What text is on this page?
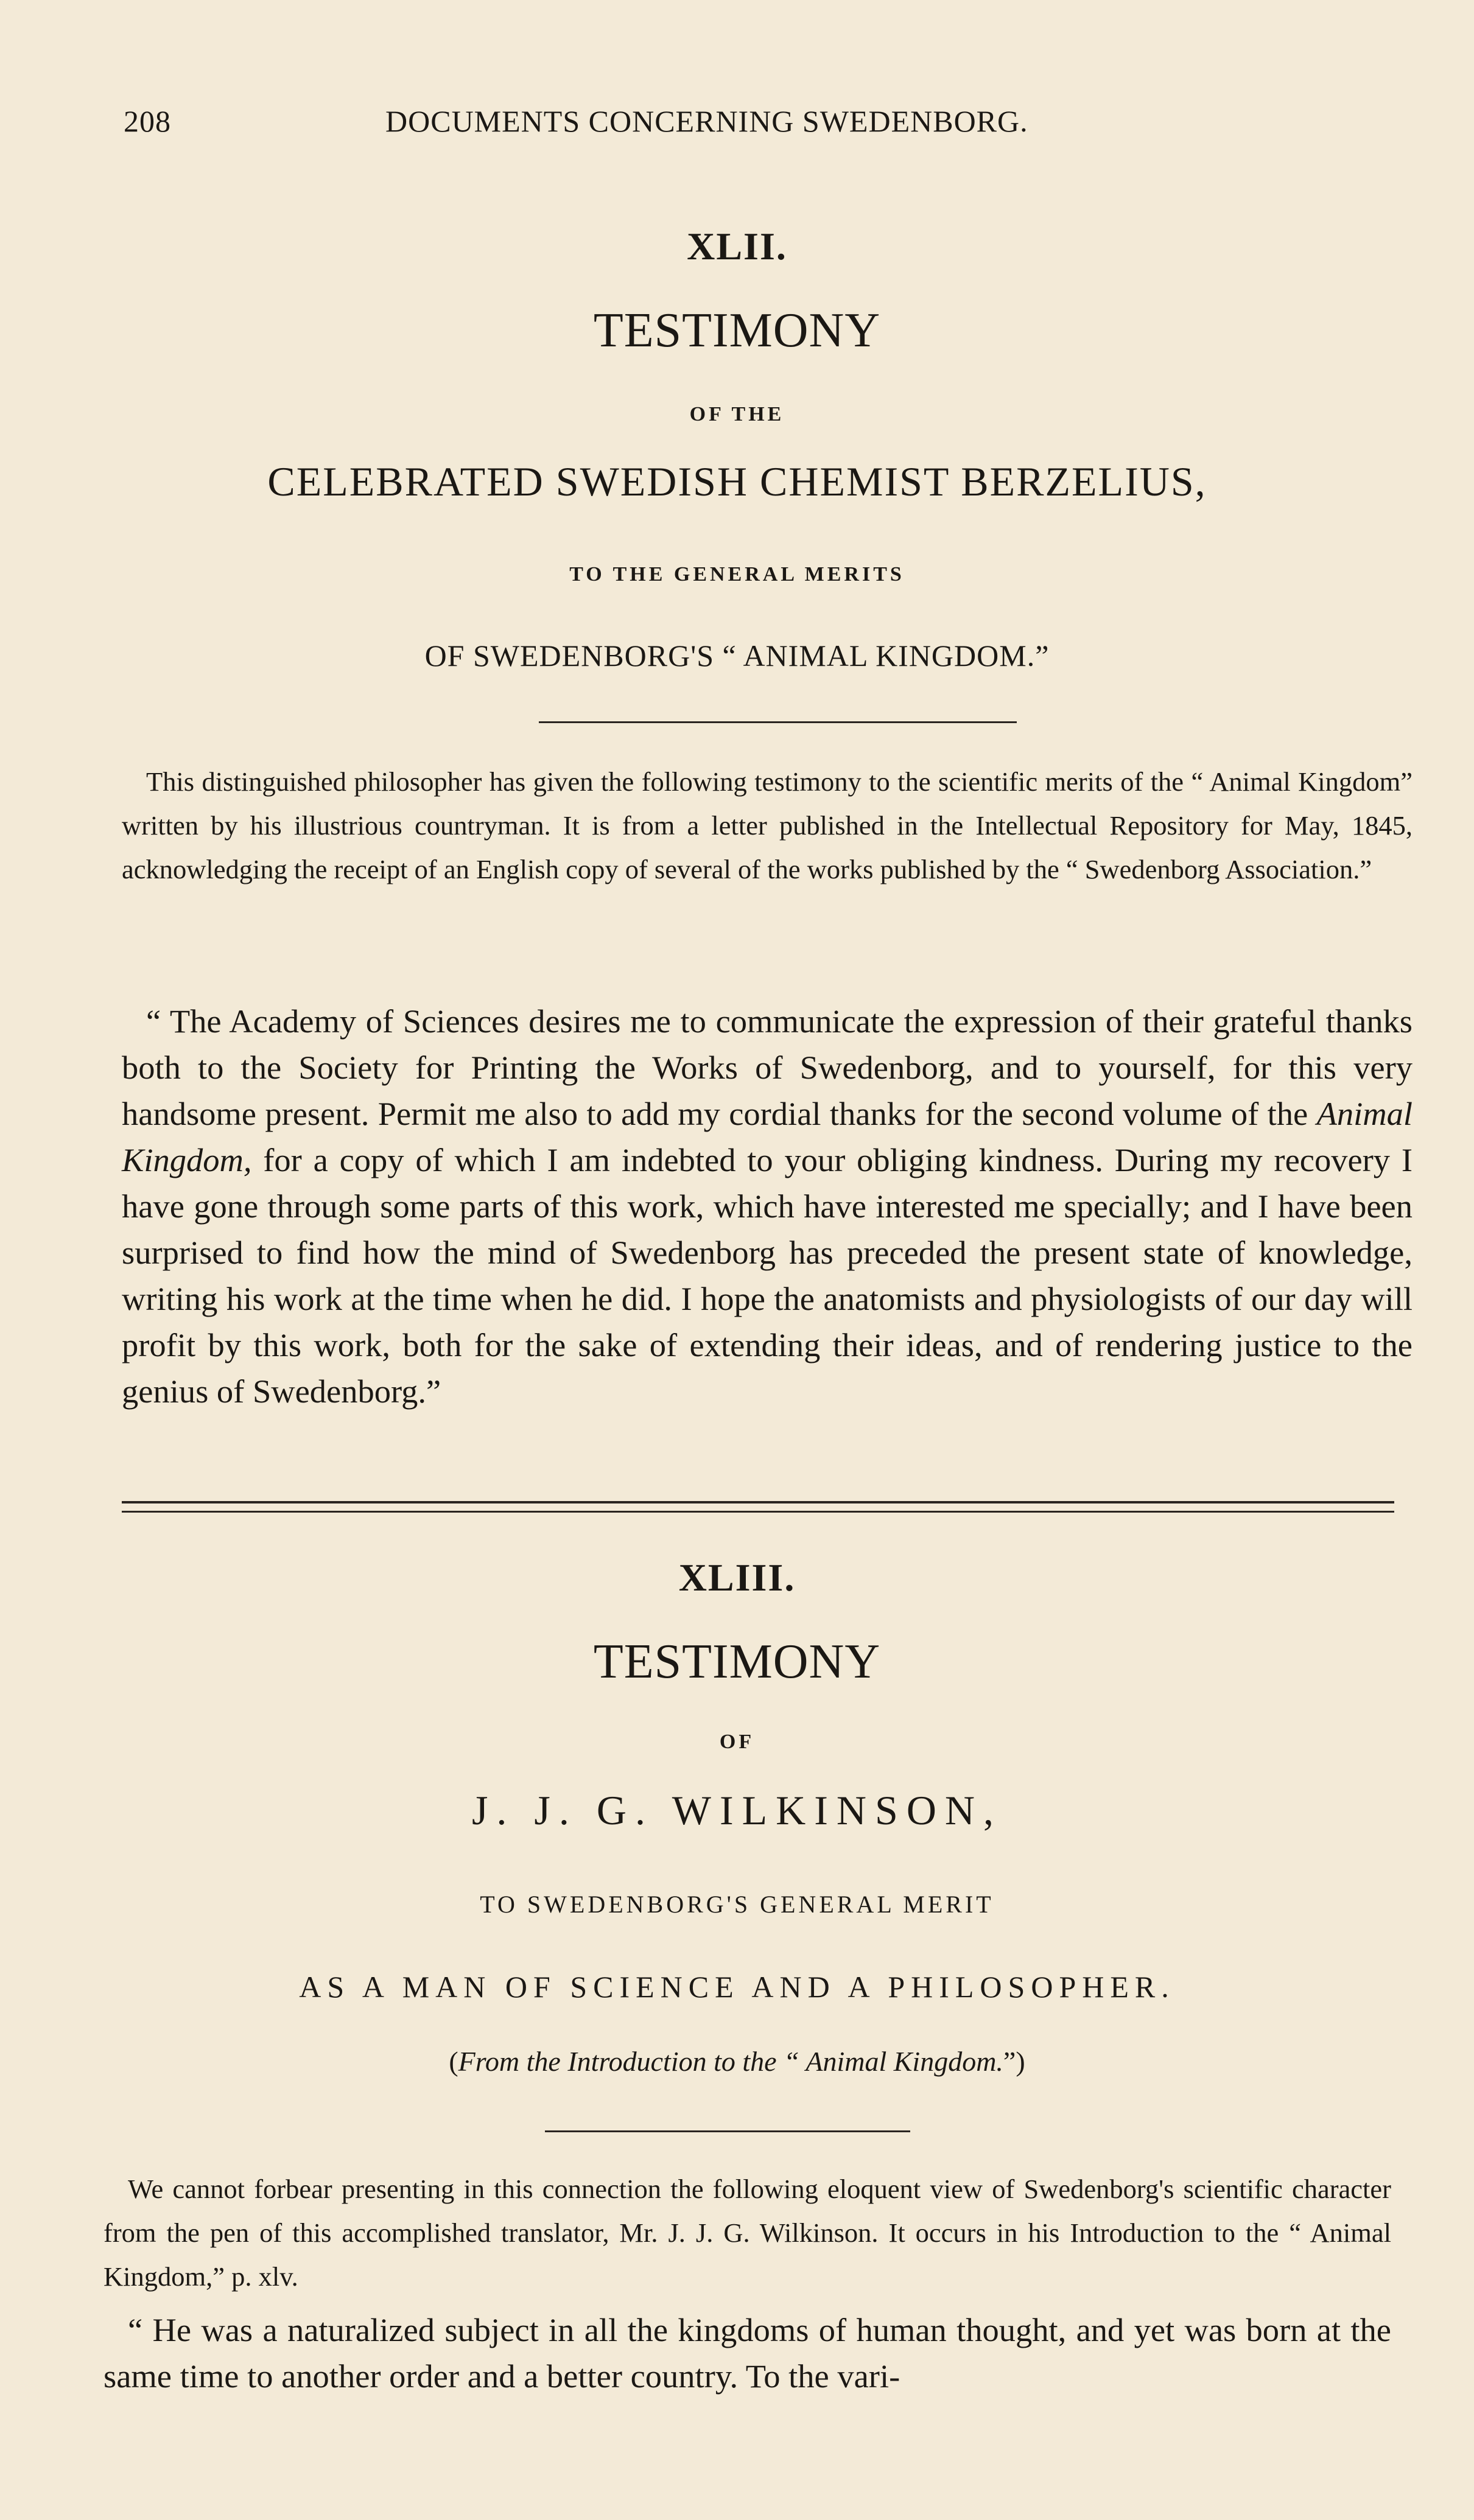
208	DOCUMENTS CONCERNING SWEDENBORG.
XLII.
TESTIMONY
OF THE
CELEBRATED SWEDISH CHEMIST BERZELIUS,
TO THE GENERAL MERITS
OF SWEDENBORG'S “ ANIMAL KINGDOM.”
This distinguished philosopher has given the following testimony to the scientific merits of the “ Animal Kingdom” written by his illustrious countryman. It is from a letter published in the Intellectual Repository for May, 1845, acknowledging the receipt of an English copy of several of the works published by the “ Swedenborg Association.”
“ The Academy of Sciences desires me to communicate the expression of their grateful thanks both to the Society for Printing the Works of Swedenborg, and to yourself, for this very handsome present. Permit me also to add my cordial thanks for the second volume of the Animal Kingdom, for a copy of which I am indebted to your obliging kindness. During my recovery I have gone through some parts of this work, which have interested me specially; and I have been surprised to find how the mind of Swedenborg has preceded the present state of knowledge, writing his work at the time when he did. I hope the anatomists and physiologists of our day will profit by this work, both for the sake of extending their ideas, and of rendering justice to the genius of Swedenborg.”
XLIII.
TESTIMONY
OF
J. J. G. WILKINSON,
TO SWEDENBORG'S GENERAL MERIT
AS A MAN OF SCIENCE AND A PHILOSOPHER.
(From the Introduction to the “ Animal Kingdom.”)
We cannot forbear presenting in this connection the following eloquent view of Swedenborg's scientific character from the pen of this accomplished translator, Mr. J. J. G. Wilkinson. It occurs in his Introduction to the “ Animal Kingdom,” p. xlv.
“ He was a naturalized subject in all the kingdoms of human thought, and yet was born at the same time to another order and a better country. To the vari-
